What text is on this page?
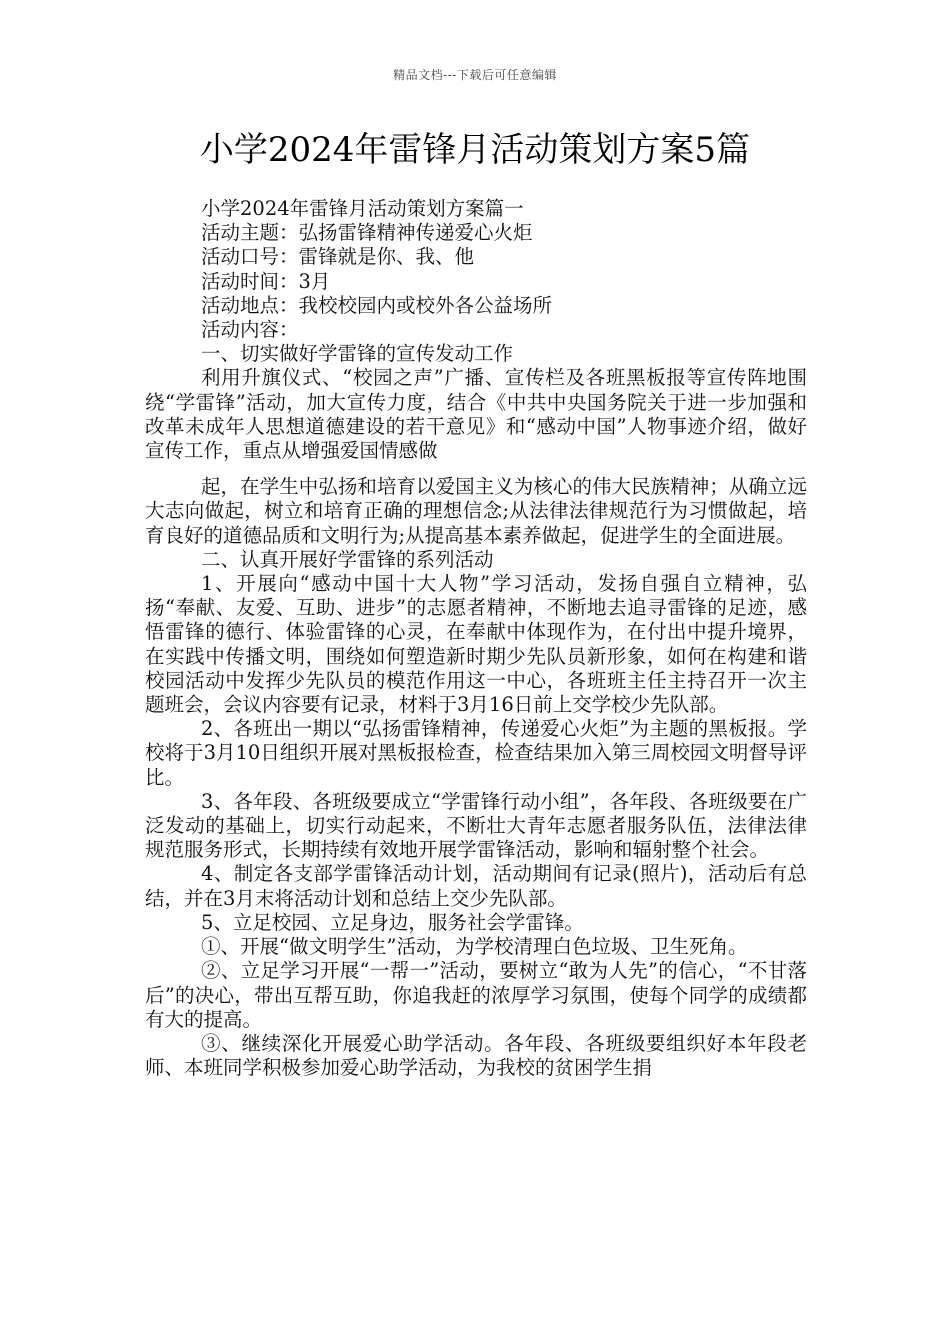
精品文档---下载后可任意编辑
小学2024年雷锋月活动策划方案5篇

小学2024年雷锋月活动策划方案篇一

活动主题：弘扬雷锋精神传递爱心火炬

活动口号：雷锋就是你、我、他

活动时间：3月

活动地点：我校校园内或校外各公益场所

活动内容：

一、切实做好学雷锋的宣传发动工作

利用升旗仪式、“校园之声”广播、宣传栏及各班黑板报等宣传阵地围绕“学雷锋”活动，加大宣传力度，结合《中共中央国务院关于进一步加强和改革未成年人思想道德建设的若干意见》和“感动中国”人物事迹介绍，做好宣传工作，重点从增强爱国情感做

起，在学生中弘扬和培育以爱国主义为核心的伟大民族精神；从确立远大志向做起，树立和培育正确的理想信念;从法律法律规范行为习惯做起，培育良好的道德品质和文明行为;从提高基本素养做起，促进学生的全面进展。

二、认真开展好学雷锋的系列活动

1、开展向“感动中国十大人物”学习活动，发扬自强自立精神，弘扬“奉献、友爱、互助、进步”的志愿者精神，不断地去追寻雷锋的足迹，感悟雷锋的德行、体验雷锋的心灵，在奉献中体现作为，在付出中提升境界，在实践中传播文明，围绕如何塑造新时期少先队员新形象，如何在构建和谐校园活动中发挥少先队员的模范作用这一中心，各班班主任主持召开一次主题班会，会议内容要有记录，材料于3月16日前上交学校少先队部。

2、各班出一期以“弘扬雷锋精神，传递爱心火炬”为主题的黑板报。学校将于3月10日组织开展对黑板报检查，检查结果加入第三周校园文明督导评比。

3、各年段、各班级要成立“学雷锋行动小组”，各年段、各班级要在广泛发动的基础上，切实行动起来，不断壮大青年志愿者服务队伍，法律法律规范服务形式，长期持续有效地开展学雷锋活动，影响和辐射整个社会。

4、制定各支部学雷锋活动计划，活动期间有记录(照片)，活动后有总结，并在3月末将活动计划和总结上交少先队部。

5、立足校园、立足身边，服务社会学雷锋。

①、开展“做文明学生”活动，为学校清理白色垃圾、卫生死角。

②、立足学习开展“一帮一”活动，要树立“敢为人先”的信心，“不甘落后”的决心，带出互帮互助，你追我赶的浓厚学习氛围，使每个同学的成绩都有大的提高。

③、继续深化开展爱心助学活动。各年段、各班级要组织好本年段老师、本班同学积极参加爱心助学活动，为我校的贫困学生捐
